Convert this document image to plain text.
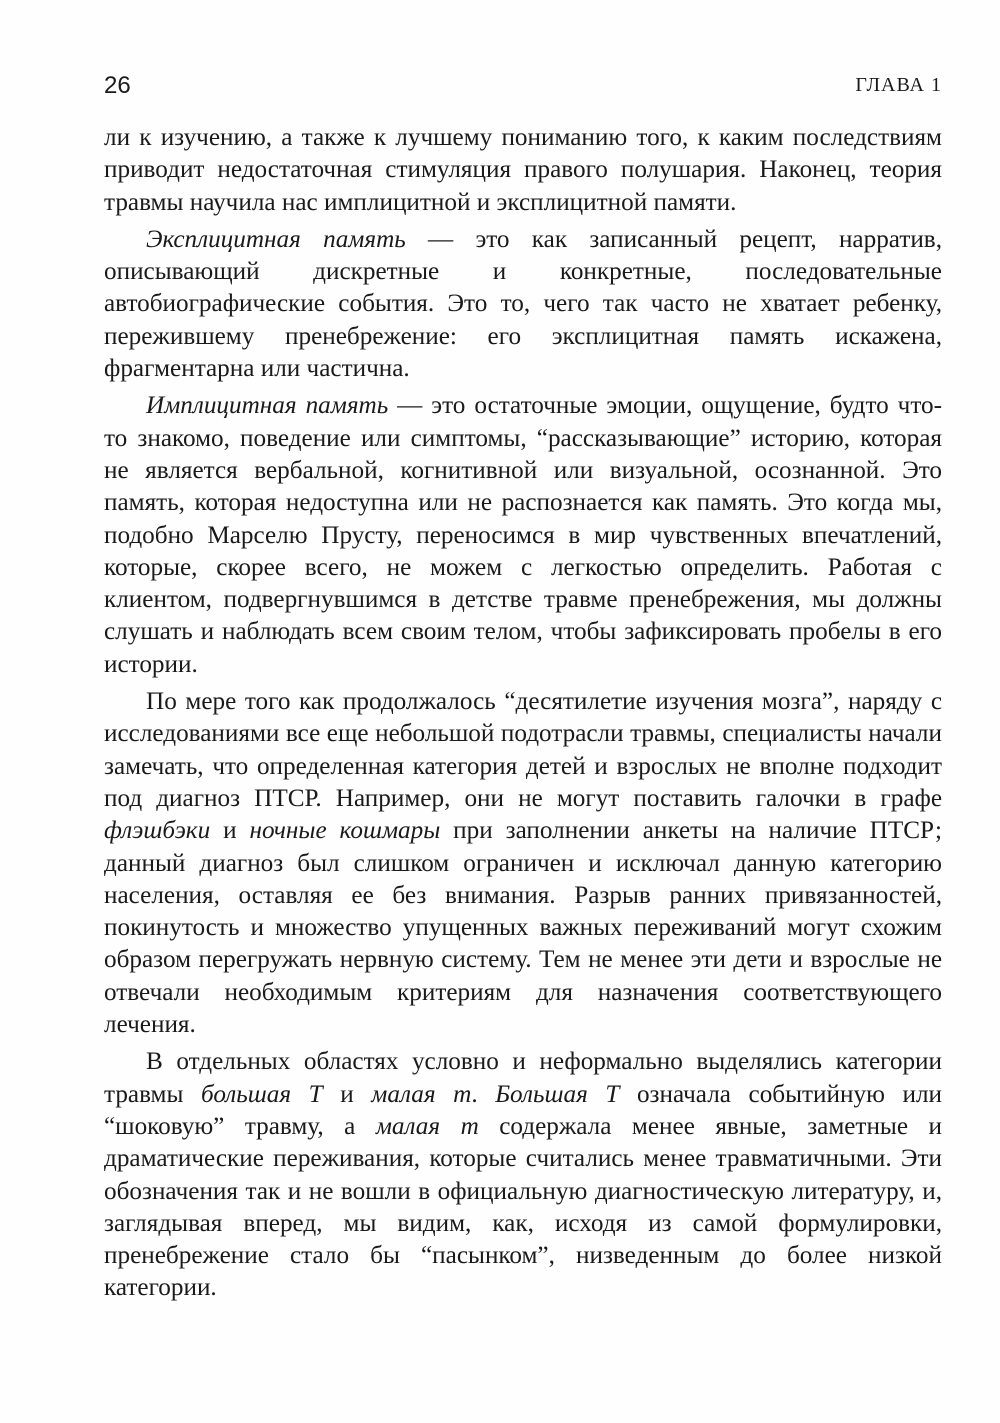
26	ГЛАВА 1

ли к изучению, а также к лучшему пониманию того, к каким последствиям приводит недостаточная стимуляция правого полушария. Наконец, теория травмы научила нас имплицитной и эксплицитной памяти.

Эксплицитная память — это как записанный рецепт, нарратив, описывающий дискретные и конкретные, последовательные автобиографические события. Это то, чего так часто не хватает ребенку, пережившему пренебрежение: его эксплицитная память искажена, фрагментарна или частична.

Имплицитная память — это остаточные эмоции, ощущение, будто что-то знакомо, поведение или симптомы, “рассказывающие” историю, которая не является вербальной, когнитивной или визуальной, осознанной. Это память, которая недоступна или не распознается как память. Это когда мы, подобно Марселю Прусту, переносимся в мир чувственных впечатлений, которые, скорее всего, не можем с легкостью определить. Работая с клиентом, подвергнувшимся в детстве травме пренебрежения, мы должны слушать и наблюдать всем своим телом, чтобы зафиксировать пробелы в его истории.

По мере того как продолжалось “десятилетие изучения мозга”, наряду с исследованиями все еще небольшой подотрасли травмы, специалисты начали замечать, что определенная категория детей и взрослых не вполне подходит под диагноз ПТСР. Например, они не могут поставить галочки в графе флэшбэки и ночные кошмары при заполнении анкеты на наличие ПТСР; данный диагноз был слишком ограничен и исключал данную категорию населения, оставляя ее без внимания. Разрыв ранних привязанностей, покинутость и множество упущенных важных переживаний могут схожим образом перегружать нервную систему. Тем не менее эти дети и взрослые не отвечали необходимым критериям для назначения соответствующего лечения.

В отдельных областях условно и неформально выделялись категории травмы большая Т и малая т. Большая Т означала событийную или “шоковую” травму, а малая т содержала менее явные, заметные и драматические переживания, которые считались менее травматичными. Эти обозначения так и не вошли в официальную диагностическую литературу, и, заглядывая вперед, мы видим, как, исходя из самой формулировки, пренебрежение стало бы “пасынком”, низведенным до более низкой категории.
